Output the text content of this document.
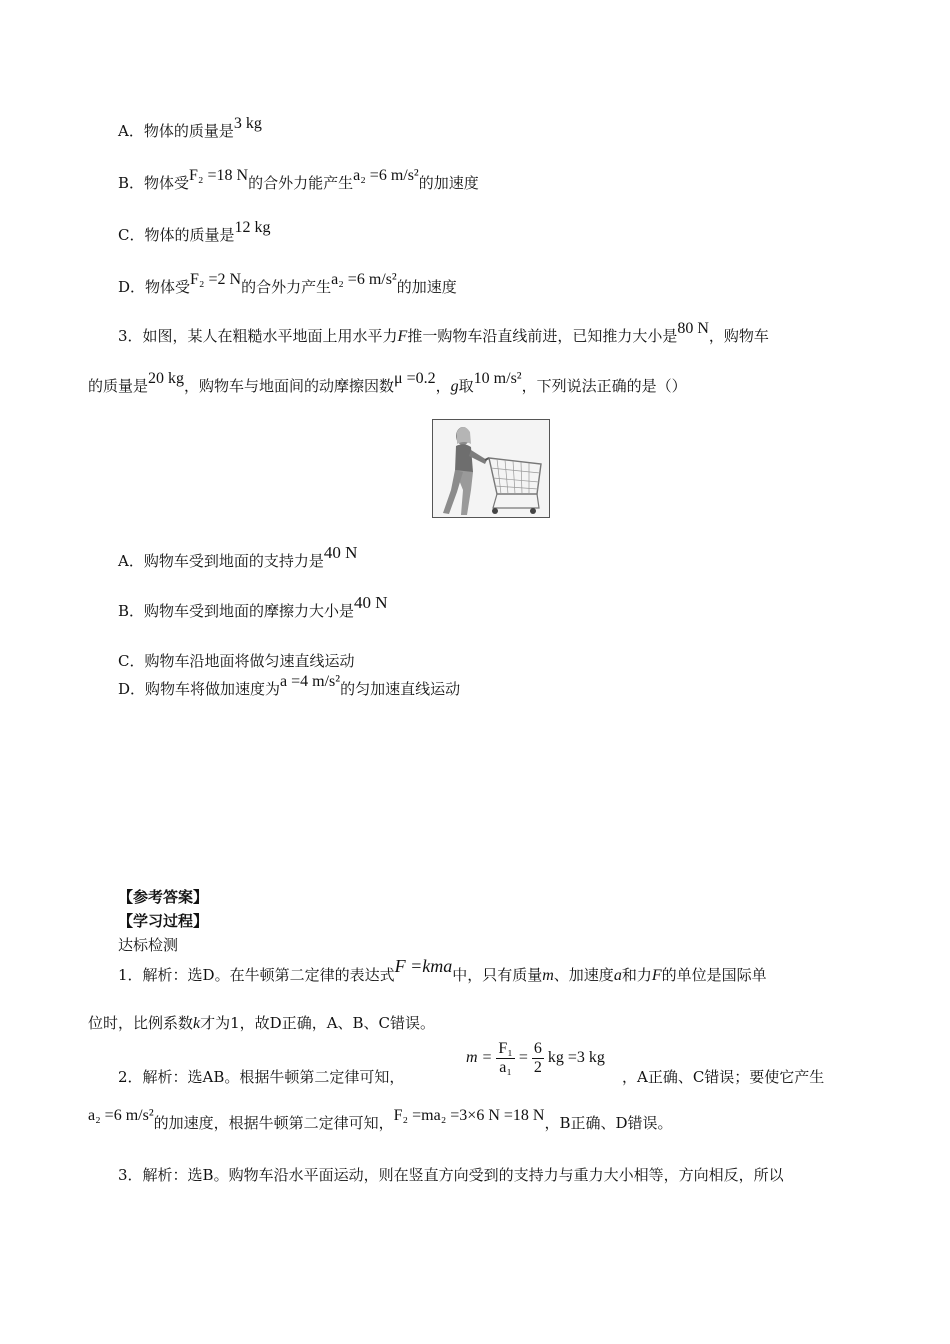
A．物体的质量是3 kg
B．物体受F₂ =18 N的合外力能产生a₂ =6 m/s²的加速度
C．物体的质量是12 kg
D．物体受F₂ =2 N的合外力产生a₂ =6 m/s²的加速度
3．如图，某人在粗糙水平地面上用水平力F推一购物车沿直线前进，已知推力大小是80 N，购物车
的质量是20 kg，购物车与地面间的动摩擦因数μ =0.2，g取10 m/s²，下列说法正确的是（）
A．购物车受到地面的支持力是40 N
B．购物车受到地面的摩擦力大小是40 N
C．购物车沿地面将做匀速直线运动
D．购物车将做加速度为a =4 m/s²的匀加速直线运动
【参考答案】
【学习过程】
达标检测
1．解析：选D。在牛顿第二定律的表达式F =kma中，只有质量m、加速度a和力F的单位是国际单
位时，比例系数k才为1，故D正确，A、B、C错误。
$m = \frac{\text{F₁}}{\text{a₁}} = \frac{6}{2}$ kg =3 kg
2．解析：选AB。根据牛顿第二定律可知，	，A正确、C错误；要使它产生
a₂ =6 m/s²的加速度，根据牛顿第二定律可知，F₂ =ma₂ =3×6 N =18 N，B正确、D错误。
3．解析：选B。购物车沿水平面运动，则在竖直方向受到的支持力与重力大小相等，方向相反，所以
